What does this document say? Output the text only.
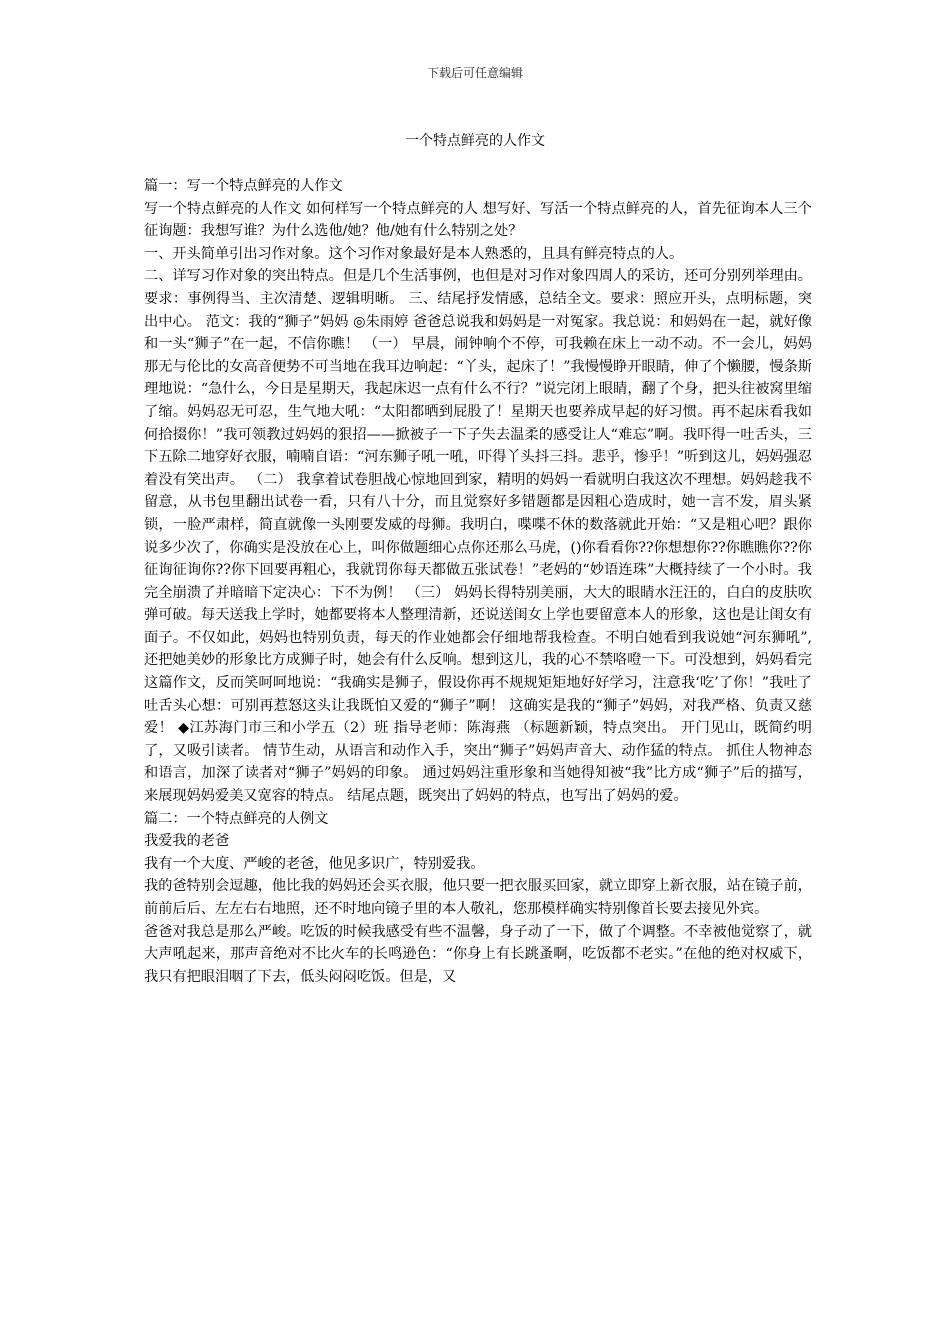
下载后可任意编辑
一个特点鲜亮的人作文

篇一：写一个特点鲜亮的人作文

写一个特点鲜亮的人作文 如何样写一个特点鲜亮的人 想写好、写活一个特点鲜亮的人，首先征询本人三个征询题：我想写谁？为什么选他/她？他/她有什么特别之处？

一、开头简单引出习作对象。这个习作对象最好是本人熟悉的，且具有鲜亮特点的人。

二、详写习作对象的突出特点。但是几个生活事例，也但是对习作对象四周人的采访，还可分别列举理由。要求：事例得当、主次清楚、逻辑明晰。 三、结尾抒发情感，总结全文。要求：照应开头，点明标题，突出中心。 范文：我的“狮子”妈妈 ◎朱雨婷 爸爸总说我和妈妈是一对冤家。我总说：和妈妈在一起，就好像和一头“狮子”在一起，不信你瞧！ （一） 早晨，闹钟响个不停，可我赖在床上一动不动。不一会儿，妈妈那无与伦比的女高音便势不可当地在我耳边响起：“丫头，起床了！”我慢慢睁开眼睛，伸了个懒腰，慢条斯理地说：“急什么，今日是星期天，我起床迟一点有什么不行？”说完闭上眼睛，翻了个身，把头往被窝里缩了缩。妈妈忍无可忍，生气地大吼：“太阳都晒到屁股了！星期天也要养成早起的好习惯。再不起床看我如何拾掇你！”我可领教过妈妈的狠招——掀被子一下子失去温柔的感受让人“难忘”啊。我吓得一吐舌头，三下五除二地穿好衣服，喃喃自语：“河东狮子吼一吼，吓得丫头抖三抖。悲乎，惨乎！”听到这儿，妈妈强忍着没有笑出声。 （二） 我拿着试卷胆战心惊地回到家，精明的妈妈一看就明白我这次不理想。妈妈趁我不留意，从书包里翻出试卷一看，只有八十分，而且觉察好多错题都是因粗心造成时，她一言不发，眉头紧锁，一脸严肃样，简直就像一头刚要发威的母狮。我明白，喋喋不休的数落就此开始：“又是粗心吧？跟你说多少次了，你确实是没放在心上，叫你做题细心点你还那么马虎，()你看看你??你想想你??你瞧瞧你??你征询征询你??你下回要再粗心，我就罚你每天都做五张试卷！”老妈的“妙语连珠”大概持续了一个小时。我完全崩溃了并暗暗下定决心：下不为例！ （三） 妈妈长得特别美丽，大大的眼睛水汪汪的，白白的皮肤吹弹可破。每天送我上学时，她都要将本人整理清新，还说送闺女上学也要留意本人的形象，这也是让闺女有面子。不仅如此，妈妈也特别负责，每天的作业她都会仔细地帮我检查。不明白她看到我说她“河东狮吼”,还把她美妙的形象比方成狮子时，她会有什么反响。想到这儿，我的心不禁咯噔一下。可没想到，妈妈看完这篇作文，反而笑呵呵地说：“我确实是狮子，假设你再不规规矩矩地好好学习，注意我‘吃’了你！”我吐了吐舌头心想：可别再惹怒这头让我既怕又爱的“狮子”啊！ 这确实是我的“狮子”妈妈，对我严格、负责又慈爱！ ◆江苏海门市三和小学五（2）班 指导老师：陈海燕 （标题新颖，特点突出。 开门见山，既简约明了，又吸引读者。 情节生动，从语言和动作入手，突出“狮子”妈妈声音大、动作猛的特点。 抓住人物神态和语言，加深了读者对“狮子”妈妈的印象。 通过妈妈注重形象和当她得知被“我”比方成“狮子”后的描写，来展现妈妈爱美又宽容的特点。 结尾点题，既突出了妈妈的特点，也写出了妈妈的爱。

篇二：一个特点鲜亮的人例文

我爱我的老爸

我有一个大度、严峻的老爸，他见多识广，特别爱我。

我的爸特别会逗趣，他比我的妈妈还会买衣服，他只要一把衣服买回家，就立即穿上新衣服，站在镜子前，前前后后、左左右右地照，还不时地向镜子里的本人敬礼，您那模样确实特别像首长要去接见外宾。

爸爸对我总是那么严峻。吃饭的时候我感受有些不温馨，身子动了一下，做了个调整。不幸被他觉察了，就大声吼起来，那声音绝对不比火车的长鸣逊色：“你身上有长跳蚤啊，吃饭都不老实。”在他的绝对权威下，我只有把眼泪咽了下去，低头闷闷吃饭。但是，又
